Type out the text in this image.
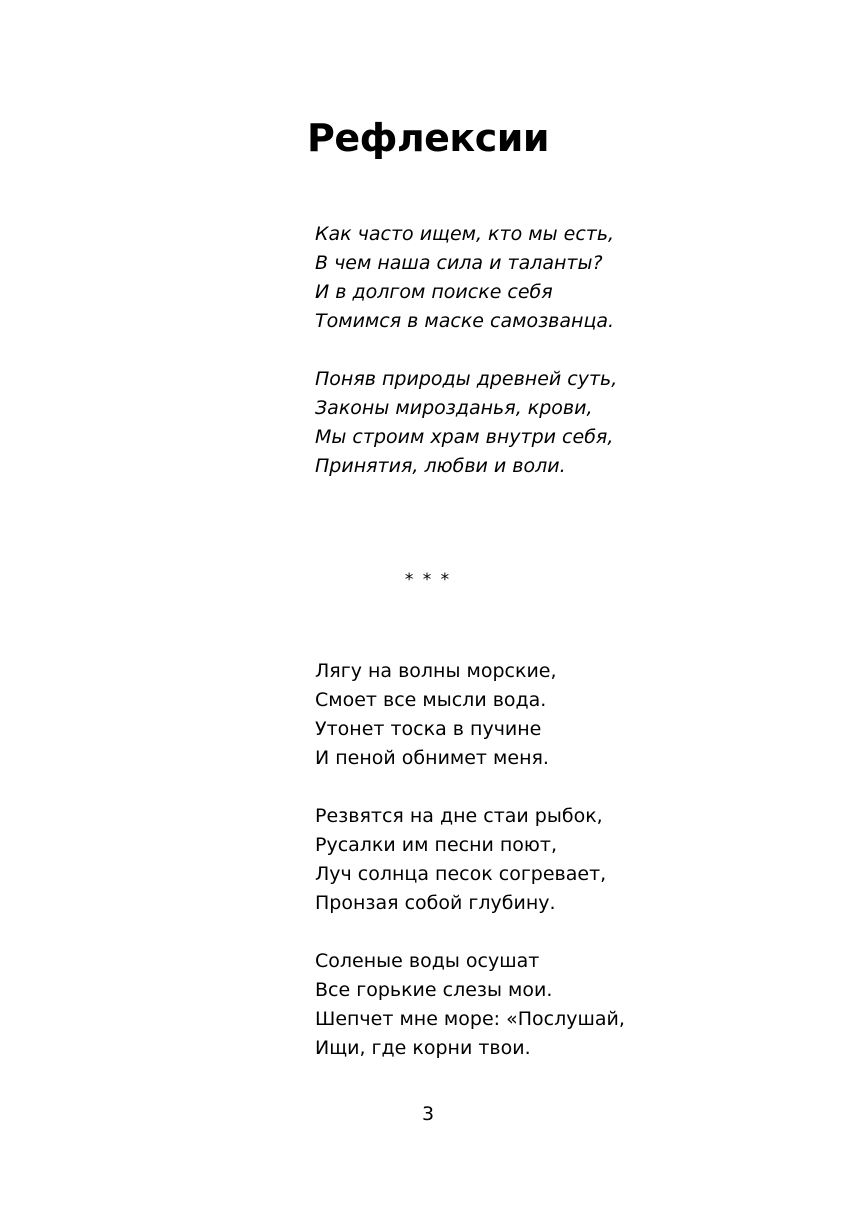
Рефлексии
Как часто ищем, кто мы есть,
В чем наша сила и таланты?
И в долгом поиске себя
Томимся в маске самозванца.
Поняв природы древней суть,
Законы мирозданья, крови,
Мы строим храм внутри себя,
Принятия, любви и воли.
* * *
Лягу на волны морские,
Смоет все мысли вода.
Утонет тоска в пучине
И пеной обнимет меня.
Резвятся на дне стаи рыбок,
Русалки им песни поют,
Луч солнца песок согревает,
Пронзая собой глубину.
Соленые воды осушат
Все горькие слезы мои.
Шепчет мне море: «Послушай,
Ищи, где корни твои.
3
